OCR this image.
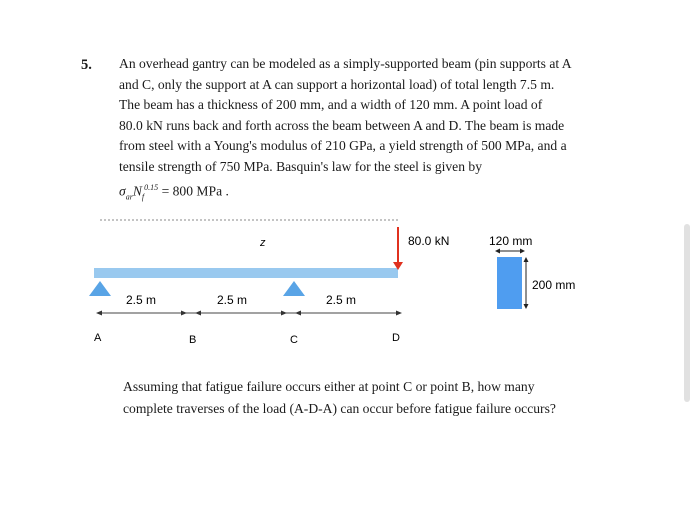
5. An overhead gantry can be modeled as a simply-supported beam (pin supports at A

and C, only the support at A can support a horizontal load) of total length 7.5 m.

The beam has a thickness of 200 mm, and a width of 120 mm. A point load of

80.0 kN runs back and forth across the beam between A and D. The beam is made

from steel with a Young's modulus of 210 GPa, a yield strength of 500 MPa, and a

tensile strength of 750 MPa. Basquin's law for the steel is given by

$\sigma_{ar}N_f^{0.15} = 800$ MPa .
z	80.0 kN	120 mm
200 mm
2.5 m	2.5 m	2.5 m
A	B	C	D

Assuming that fatigue failure occurs either at point C or point B, how many

complete traverses of the load (A-D-A) can occur before fatigue failure occurs?
